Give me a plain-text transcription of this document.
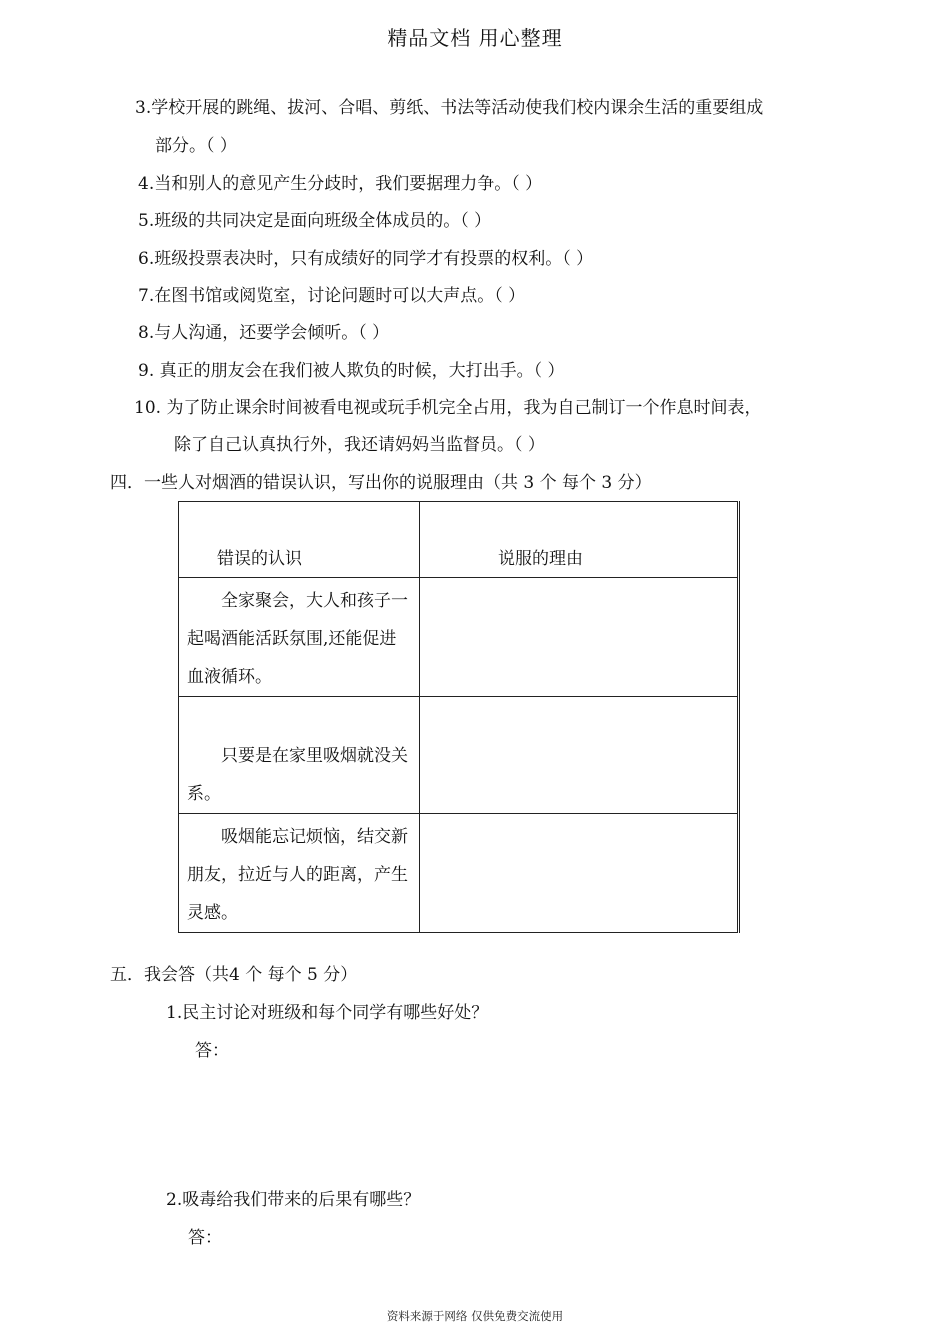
精品文档 用心整理
3.学校开展的跳绳、拔河、合唱、剪纸、书法等活动使我们校内课余生活的重要组成
部分。（ ）
4.当和别人的意见产生分歧时，我们要据理力争。（ ）
5.班级的共同决定是面向班级全体成员的。（ ）
6.班级投票表决时，只有成绩好的同学才有投票的权利。（ ）
7.在图书馆或阅览室，讨论问题时可以大声点。（ ）
8.与人沟通，还要学会倾听。（ ）
9. 真正的朋友会在我们被人欺负的时候，大打出手。（ ）
10. 为了防止课余时间被看电视或玩手机完全占用，我为自己制订一个作息时间表，
除了自己认真执行外，我还请妈妈当监督员。（ ）
四．一些人对烟酒的错误认识，写出你的说服理由（共 3 个 每个 3 分）
错误的认识	说服的理由

全家聚会，大人和孩子一起喝酒能活跃氛围,还能促进血液循环。	

只要是在家里吸烟就没关系。	

吸烟能忘记烦恼，结交新朋友，拉近与人的距离，产生灵感。	

五．我会答（共4 个 每个 5 分）
1.民主讨论对班级和每个同学有哪些好处？
答：
2.吸毒给我们带来的后果有哪些？
答：
资料来源于网络 仅供免费交流使用
